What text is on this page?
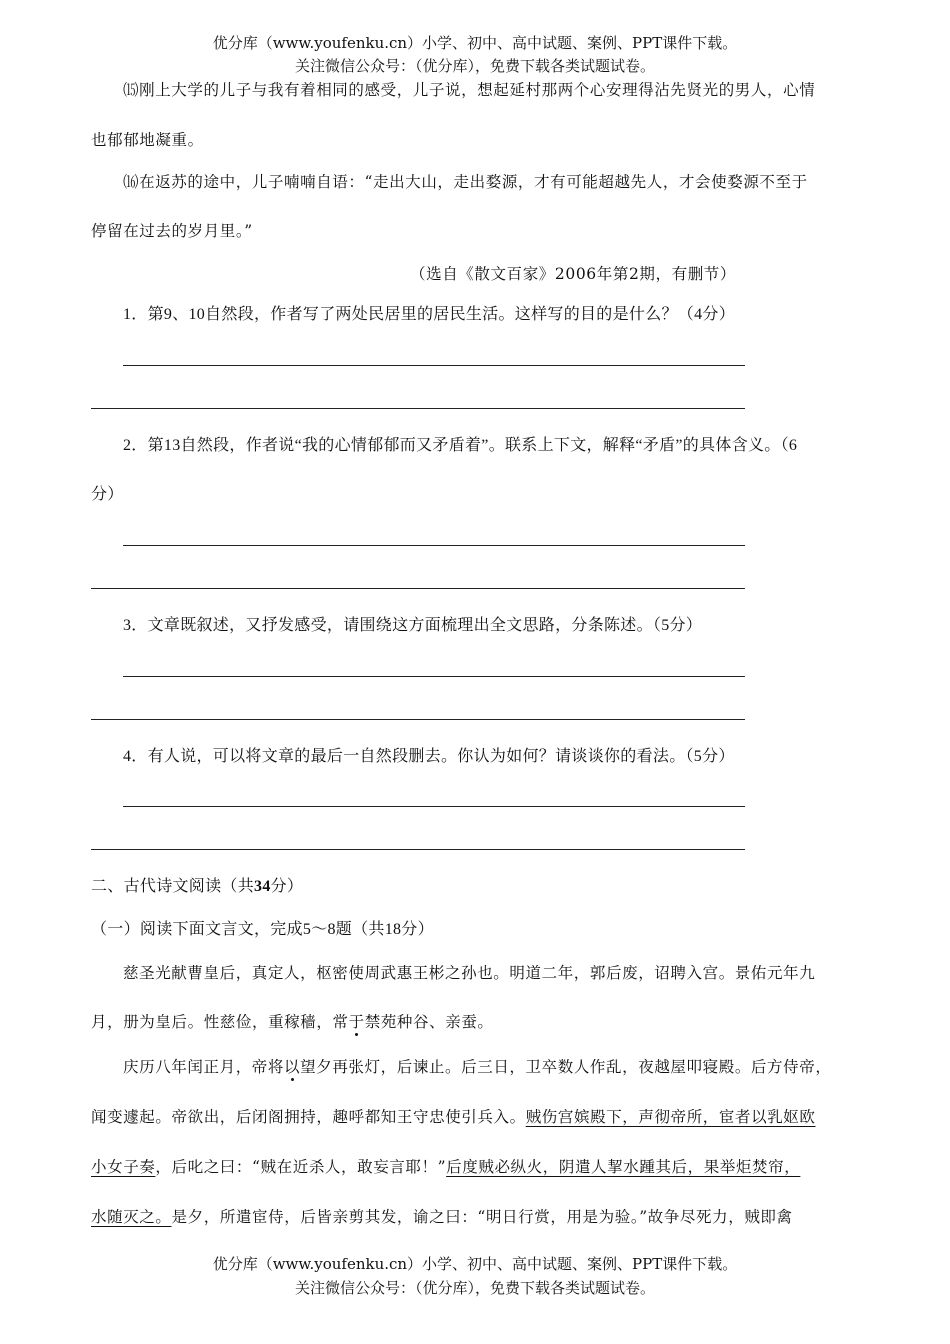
优分库（www.youfenku.cn）小学、初中、高中试题、案例、PPT课件下载。
关注微信公众号：（优分库），免费下载各类试题试卷。
⒂刚上大学的儿子与我有着相同的感受，儿子说，想起延村那两个心安理得沾先贤光的男人，心情
也郁郁地凝重。
⒃在返苏的途中，儿子喃喃自语：“走出大山，走出婺源，才有可能超越先人，才会使婺源不至于
停留在过去的岁月里。”
（选自《散文百家》2006年第2期，有删节）
1．第9、10自然段，作者写了两处民居里的居民生活。这样写的目的是什么？（4分）
2．第13自然段，作者说“我的心情郁郁而又矛盾着”。联系上下文，解释“矛盾”的具体含义。（6
分）
3．文章既叙述，又抒发感受，请围绕这方面梳理出全文思路，分条陈述。（5分）
4．有人说，可以将文章的最后一自然段删去。你认为如何？请谈谈你的看法。（5分）
二、古代诗文阅读（共34分）
（一）阅读下面文言文，完成5～8题（共18分）
慈圣光献曹皇后，真定人，枢密使周武惠王彬之孙也。明道二年，郭后废，诏聘入宫。景佑元年九
月，册为皇后。性慈俭，重稼穑，常于禁苑种谷、亲蚕。
庆历八年闰正月，帝将以望夕再张灯，后谏止。后三日，卫卒数人作乱，夜越屋叩寝殿。后方侍帝，
闻变遽起。帝欲出，后闭阁拥持，趣呼都知王守忠使引兵入。贼伤宫嫔殿下，声彻帝所，宦者以乳妪欧
小女子奏，后叱之曰：“贼在近杀人，敢妄言耶！”后度贼必纵火，阴遣人挈水踵其后，果举炬焚帘，
水随灭之。是夕，所遣宦侍，后皆亲剪其发，谕之曰：“明日行赏，用是为验。”故争尽死力，贼即禽
优分库（www.youfenku.cn）小学、初中、高中试题、案例、PPT课件下载。
关注微信公众号：（优分库），免费下载各类试题试卷。
